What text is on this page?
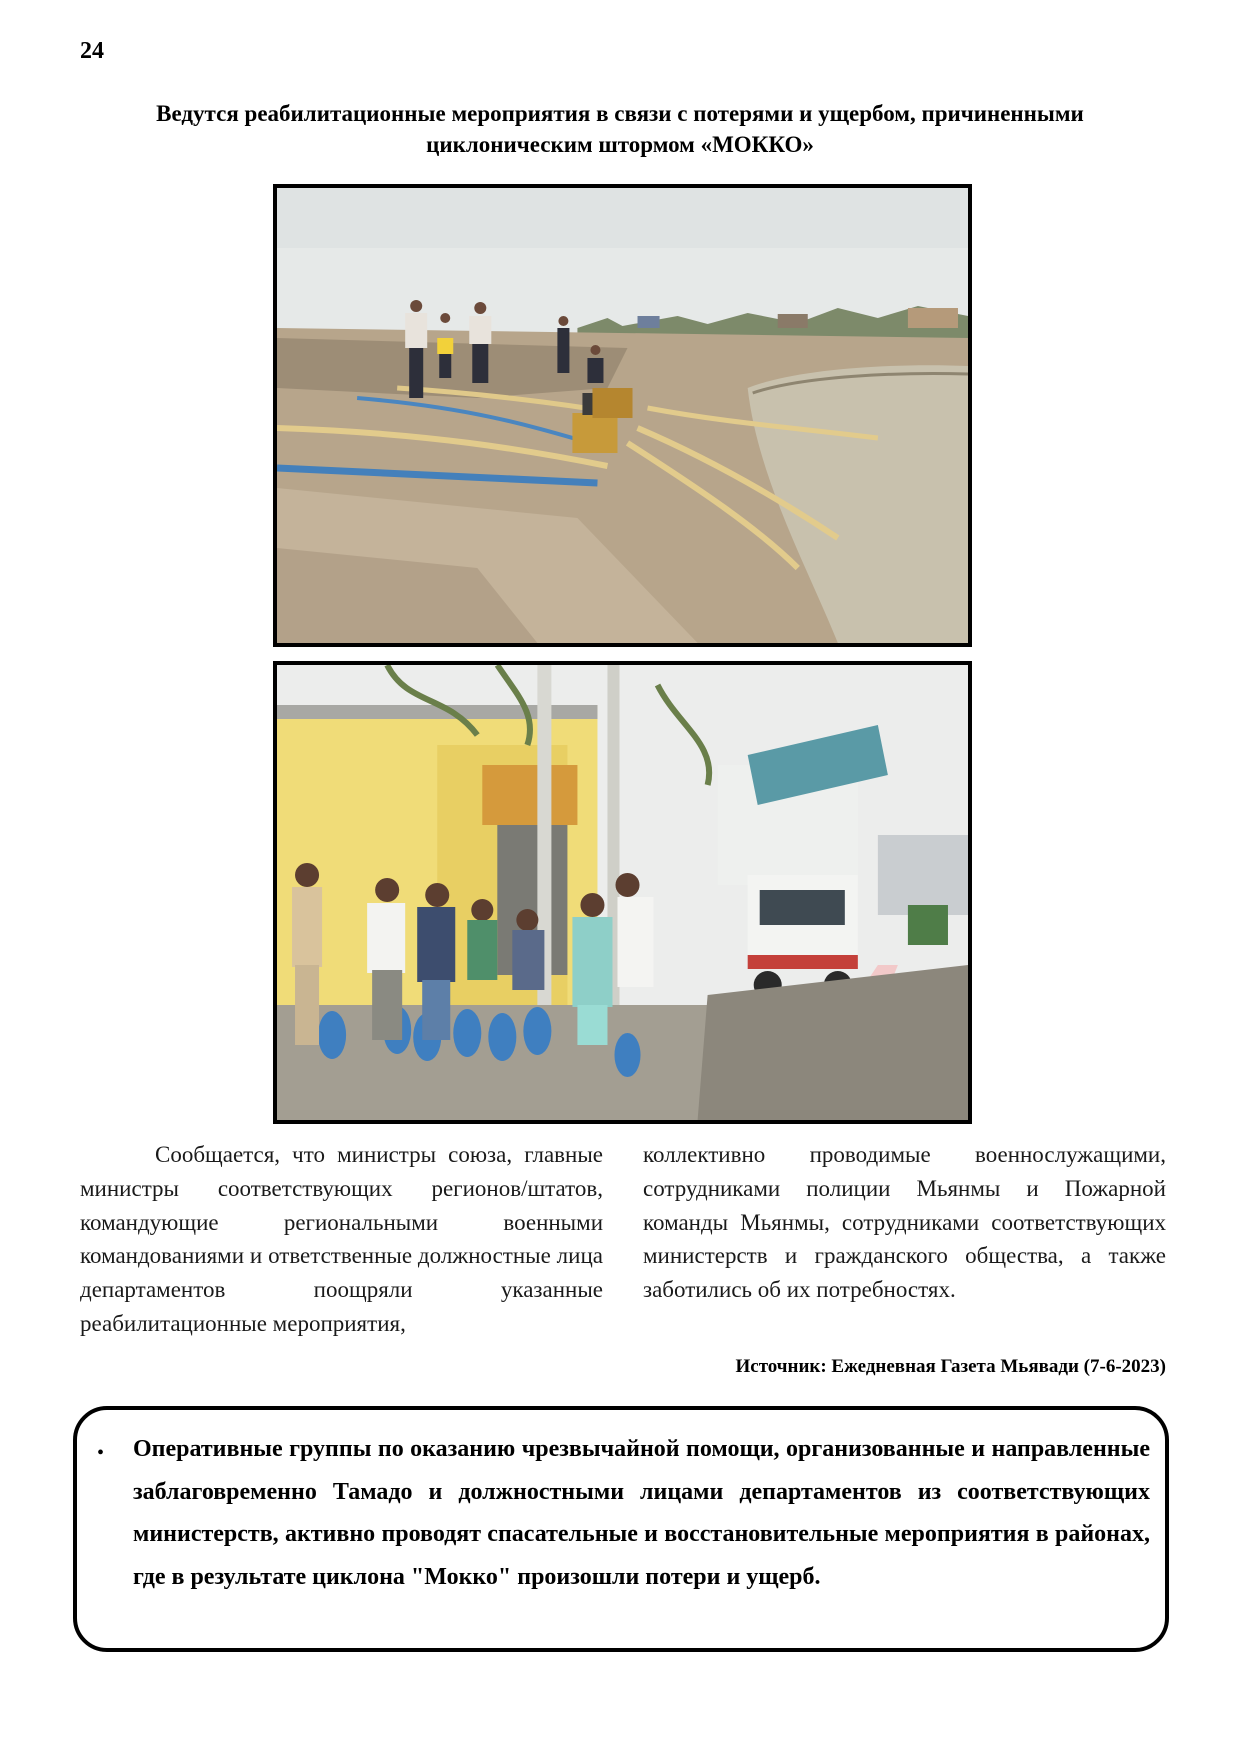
24
Ведутся реабилитационные мероприятия в связи с потерями и ущербом, причиненными циклоническим штормом «МОККО»
Сообщается, что министры союза, главные министры соответствующих регионов/штатов, командующие региональными военными командованиями и ответственные должностные лица департаментов поощряли указанные реабилитационные мероприятия,
коллективно проводимые военнослужащими, сотрудниками полиции Мьянмы и Пожарной команды Мьянмы, сотрудниками соответствующих министерств и гражданского общества, а также заботились об их потребностях.
Источник: Ежедневная Газета Мьявади (7-6-2023)
• Оперативные группы по оказанию чрезвычайной помощи, организованные и направленные заблаговременно Тамадо и должностными лицами департаментов из соответствующих министерств, активно проводят спасательные и восстановительные мероприятия в районах, где в результате циклона "Мокко" произошли потери и ущерб.
